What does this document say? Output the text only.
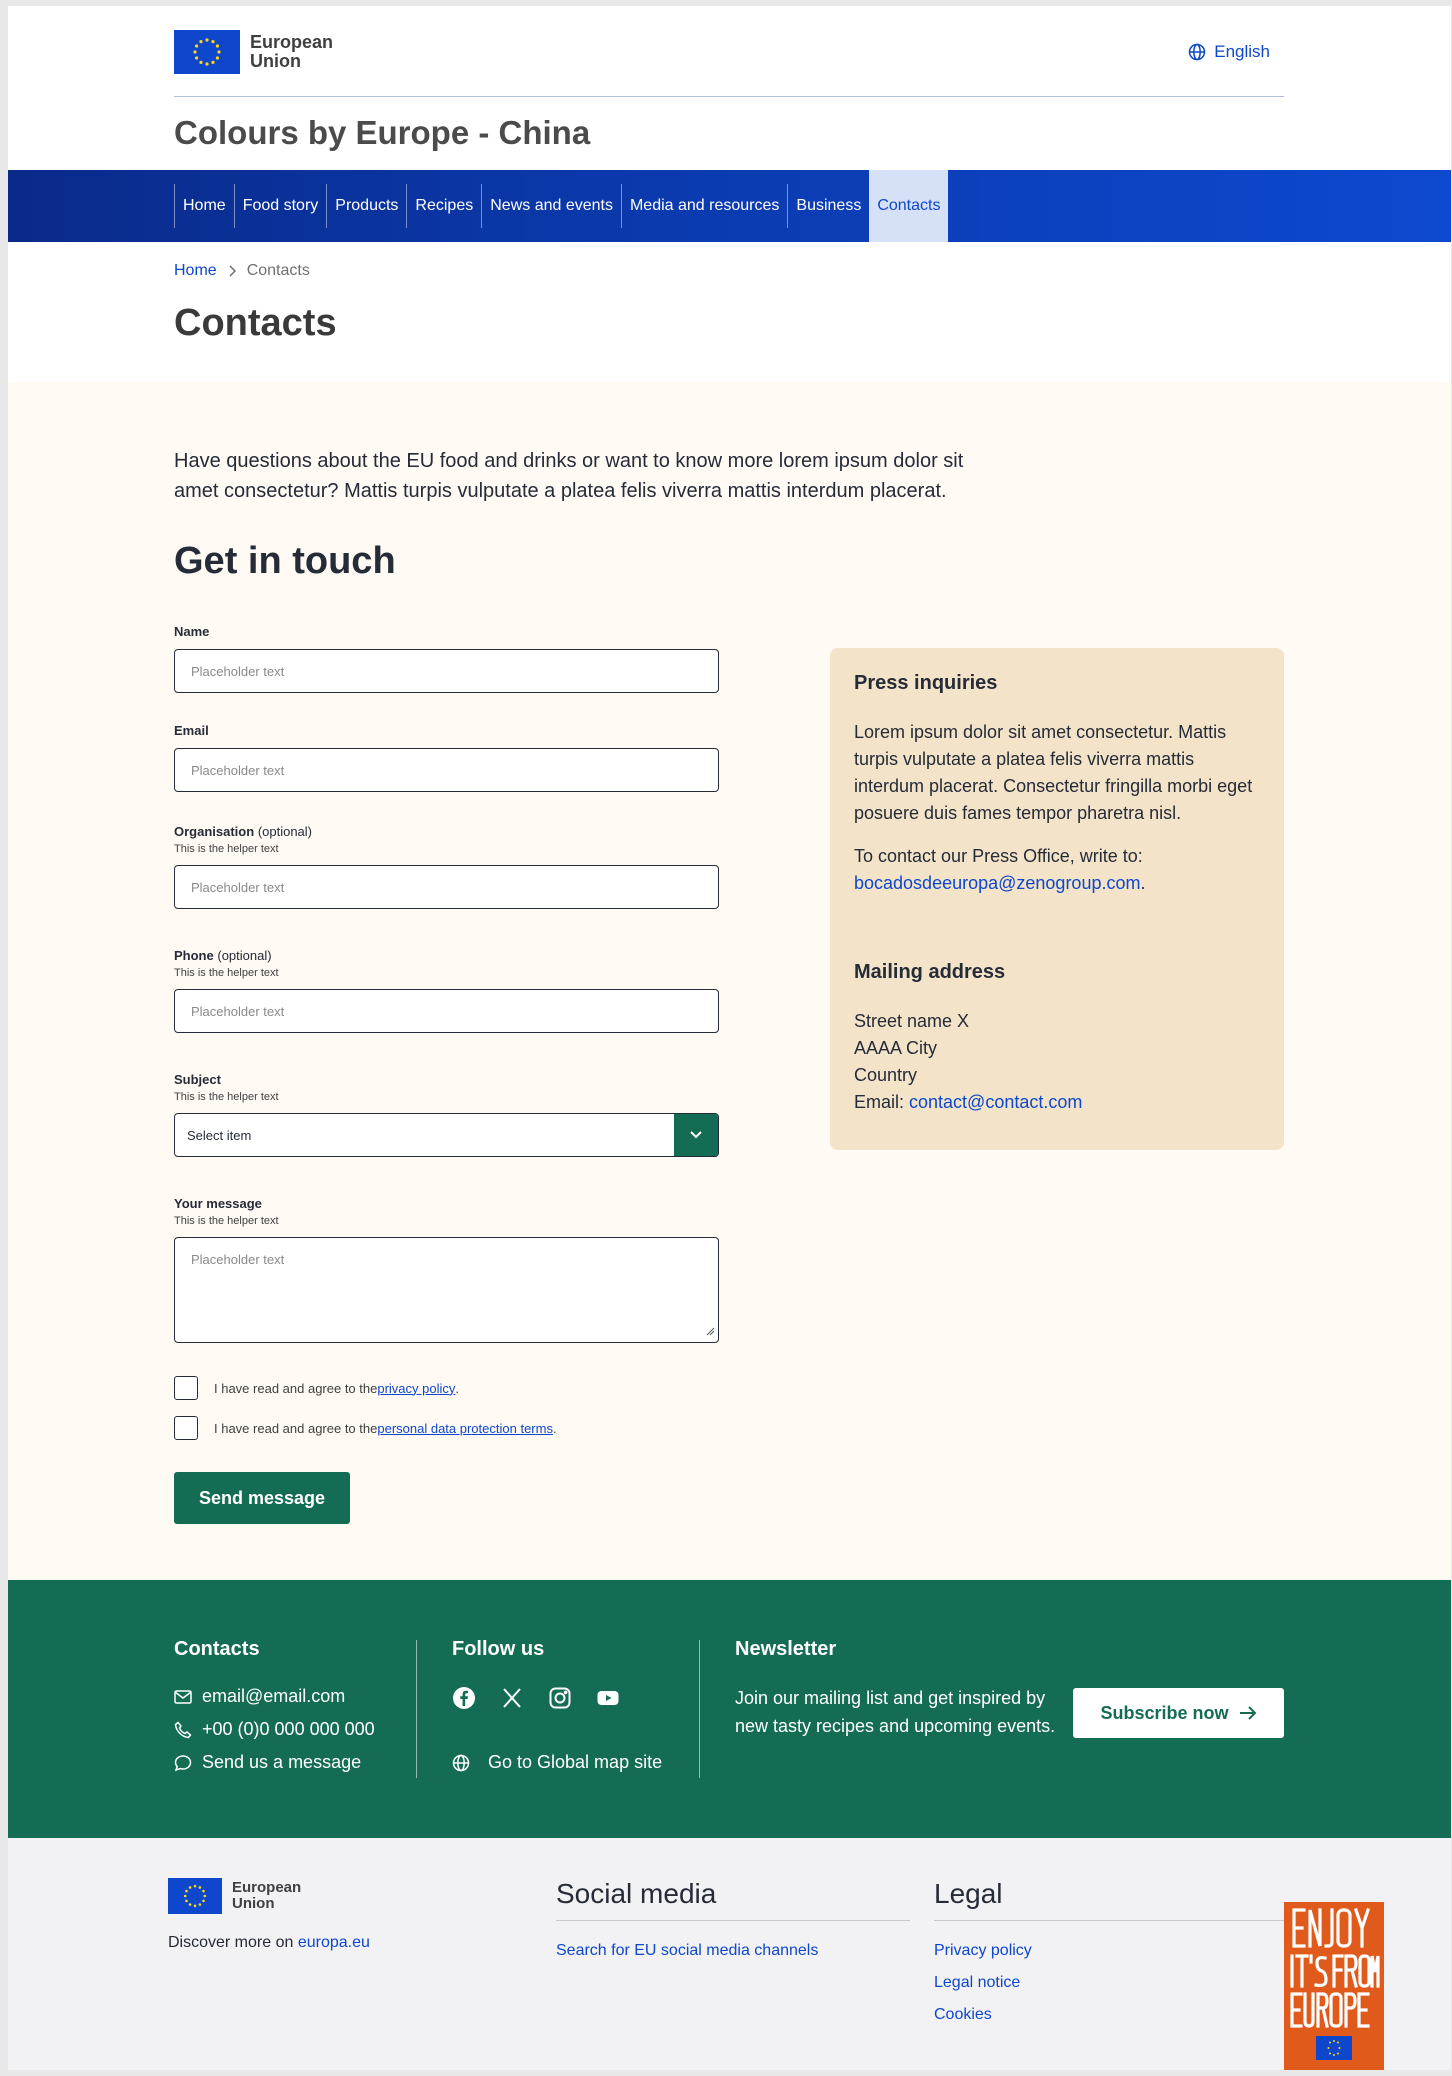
European
Union	English
Colours by Europe - China
Home	Food story	Products	Recipes	News and events	Media and resources	Business	Contacts
Home Contacts
Contacts

Have questions about the EU food and drinks or want to know more lorem ipsum dolor sit amet consectetur? Mattis turpis vulputate a platea felis viverra mattis interdum placerat.

Get in touch
Name
Placeholder text
Email
Placeholder text
Organisation (optional)
This is the helper text
Placeholder text
Phone (optional)
This is the helper text
Placeholder text
Subject
This is the helper text
Select item
Your message
This is the helper text
Placeholder text
I have read and agree to the privacy policy .
I have read and agree to the personal data protection terms .
Send message
Press inquiries

Lorem ipsum dolor sit amet consectetur. Mattis turpis vulputate a platea felis viverra mattis interdum placerat. Consectetur fringilla morbi eget posuere duis fames tempor pharetra nisl.

To contact our Press Office, write to:
bocadosdeeuropa@zenogroup.com.

Mailing address

Street name X
AAAA City
Country
Email: contact@contact.com

Contacts
email@email.com
+00 (0)0 000 000 000
Send us a message
Follow us
Go to Global map site
Newsletter
Join our mailing list and get inspired by new tasty recipes and upcoming events.
Subscribe now
European
Union
Discover more on europa.eu
Social media
Search for EU social media channels
Legal
Privacy policy
Legal notice
Cookies
